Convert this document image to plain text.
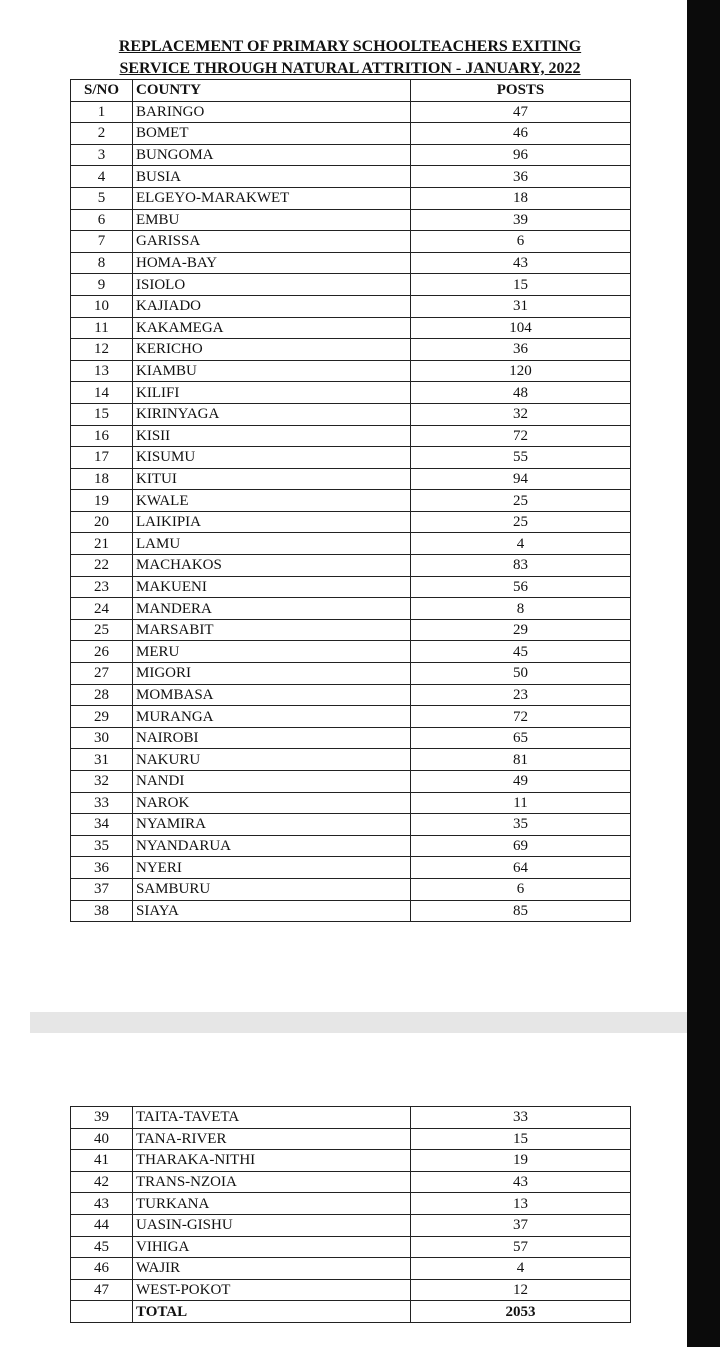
REPLACEMENT OF PRIMARY SCHOOLTEACHERS EXITING
SERVICE THROUGH NATURAL ATTRITION - JANUARY, 2022
S/NO	COUNTY	POSTS
1	BARINGO	47
2	BOMET	46
3	BUNGOMA	96
4	BUSIA	36
5	ELGEYO-MARAKWET	18
6	EMBU	39
7	GARISSA	6
8	HOMA-BAY	43
9	ISIOLO	15
10	KAJIADO	31
11	KAKAMEGA	104
12	KERICHO	36
13	KIAMBU	120
14	KILIFI	48
15	KIRINYAGA	32
16	KISII	72
17	KISUMU	55
18	KITUI	94
19	KWALE	25
20	LAIKIPIA	25
21	LAMU	4
22	MACHAKOS	83
23	MAKUENI	56
24	MANDERA	8
25	MARSABIT	29
26	MERU	45
27	MIGORI	50
28	MOMBASA	23
29	MURANGA	72
30	NAIROBI	65
31	NAKURU	81
32	NANDI	49
33	NAROK	11
34	NYAMIRA	35
35	NYANDARUA	69
36	NYERI	64
37	SAMBURU	6
38	SIAYA	85
39	TAITA-TAVETA	33
40	TANA-RIVER	15
41	THARAKA-NITHI	19
42	TRANS-NZOIA	43
43	TURKANA	13
44	UASIN-GISHU	37
45	VIHIGA	57
46	WAJIR	4
47	WEST-POKOT	12
	TOTAL	2053
